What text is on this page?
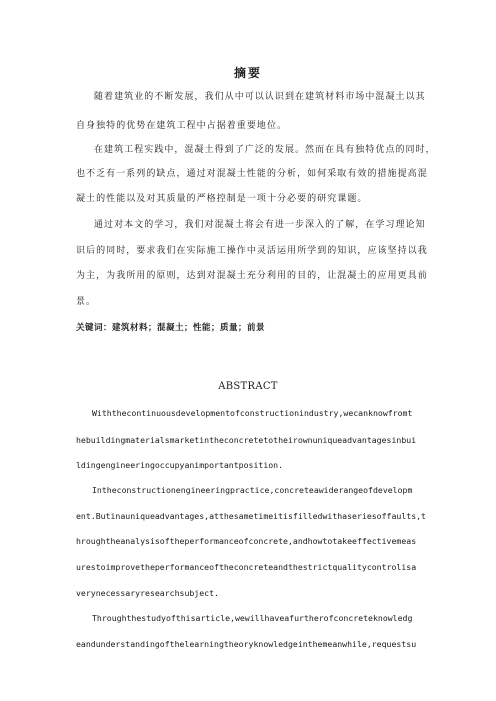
摘要
随着建筑业的不断发展，我们从中可以认识到在建筑材料市场中混凝土以其
自身独特的优势在建筑工程中占据着重要地位。
在建筑工程实践中，混凝土得到了广泛的发展。然而在具有独特优点的同时，
也不乏有一系列的缺点，通过对混凝土性能的分析，如何采取有效的措施提高混
凝土的性能以及对其质量的严格控制是一项十分必要的研究课题。
通过对本文的学习，我们对混凝土将会有进一步深入的了解，在学习理论知
识后的同时，要求我们在实际施工操作中灵活运用所学到的知识，应该坚持以我
为主，为我所用的原则，达到对混凝土充分利用的目的，让混凝土的应用更具前
景。
关键词：建筑材料；混凝土；性能；质量；前景
ABSTRACT
Withthecontinuousdevelopmentofconstructionindustry,wecanknowfromt
hebuildingmaterialsmarketintheconcretetotheirownuniqueadvantagesinbui
ldingengineeringoccupyanimportantposition.
Intheconstructionengineeringpractice,concreteawiderangeofdevelopm
ent.Butinauniqueadvantages,atthesametimeitisfilledwithaseriesoffaults,t
hroughtheanalysisoftheperformanceofconcrete,andhowtotakeeffectivemeas
urestoimprovetheperformanceoftheconcreteandthestrictqualitycontrolisa
verynecessaryresearchsubject.
Throughthestudyofthisarticle,wewillhaveafurtherofconcreteknowledg
eandunderstandingofthelearningtheoryknowledgeinthemeanwhile,requestsu
